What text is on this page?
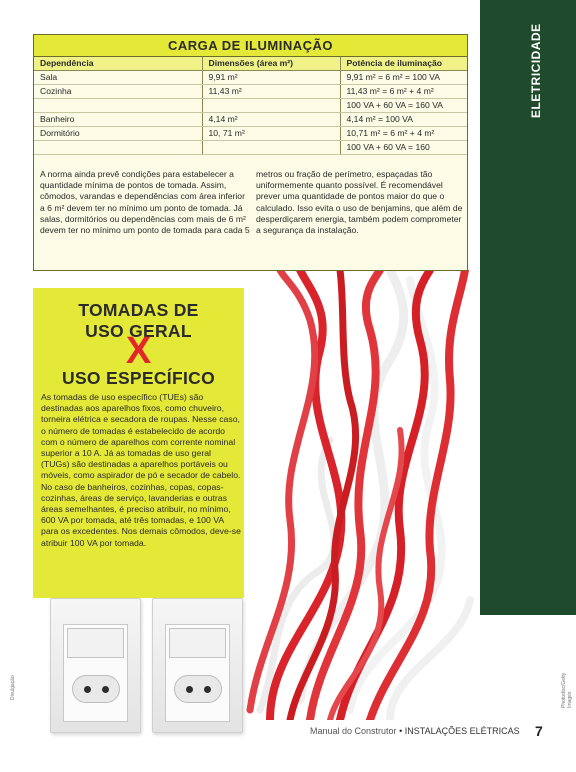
ELETRICIDADE
CARGA DE ILUMINAÇÃO
Dependência	Dimensões (área m²)	Potência de iluminação
Sala	9,91 m²	9,91 m² = 6 m² = 100 VA
Cozinha	11,43 m²	11,43 m² = 6 m² + 4 m²
		100 VA + 60 VA = 160 VA
Banheiro	4,14 m²	4,14 m² = 100 VA
Dormitório	10, 71 m²	10,71 m² = 6 m² + 4 m²
		100 VA + 60 VA = 160

A norma ainda prevê condições para estabelecer a quantidade mínima de pontos de tomada. Assim, cômodos, varandas e dependências com área inferior a 6 m² devem ter no mínimo um ponto de tomada. Já salas, dormitórios ou dependências com mais de 6 m² devem ter no mínimo um ponto de tomada para cada 5

metros ou fração de perímetro, espaçadas tão uniformemente quanto possível. É recomendável prever uma quantidade de pontos maior do que o calculado. Isso evita o uso de benjamins, que além de desperdiçarem energia, também podem comprometer a segurança da instalação.

TOMADAS DE
USO GERAL
X
USO ESPECÍFICO

As tomadas de uso específico (TUEs) são destinadas aos aparelhos fixos, como chuveiro, torneira elétrica e secadora de roupas. Nesse caso, o número de tomadas é estabelecido de acordo com o número de aparelhos com corrente nominal superior a 10 A. Já as tomadas de uso geral (TUGs) são destinadas a aparelhos portáveis ou móveis, como aspirador de pó e secador de cabelo. No caso de banheiros, cozinhas, copas, copas-cozinhas, áreas de serviço, lavanderias e outras áreas semelhantes, é preciso atribuir, no mínimo, 600 VA por tomada, até três tomadas, e 100 VA para os excedentes. Nos demais cômodos, deve-se atribuir 100 VA por tomada.

Divulgação	Photodisc/Getty Images
Manual do Construtor • INSTALAÇÕES ELÉTRICAS 7
